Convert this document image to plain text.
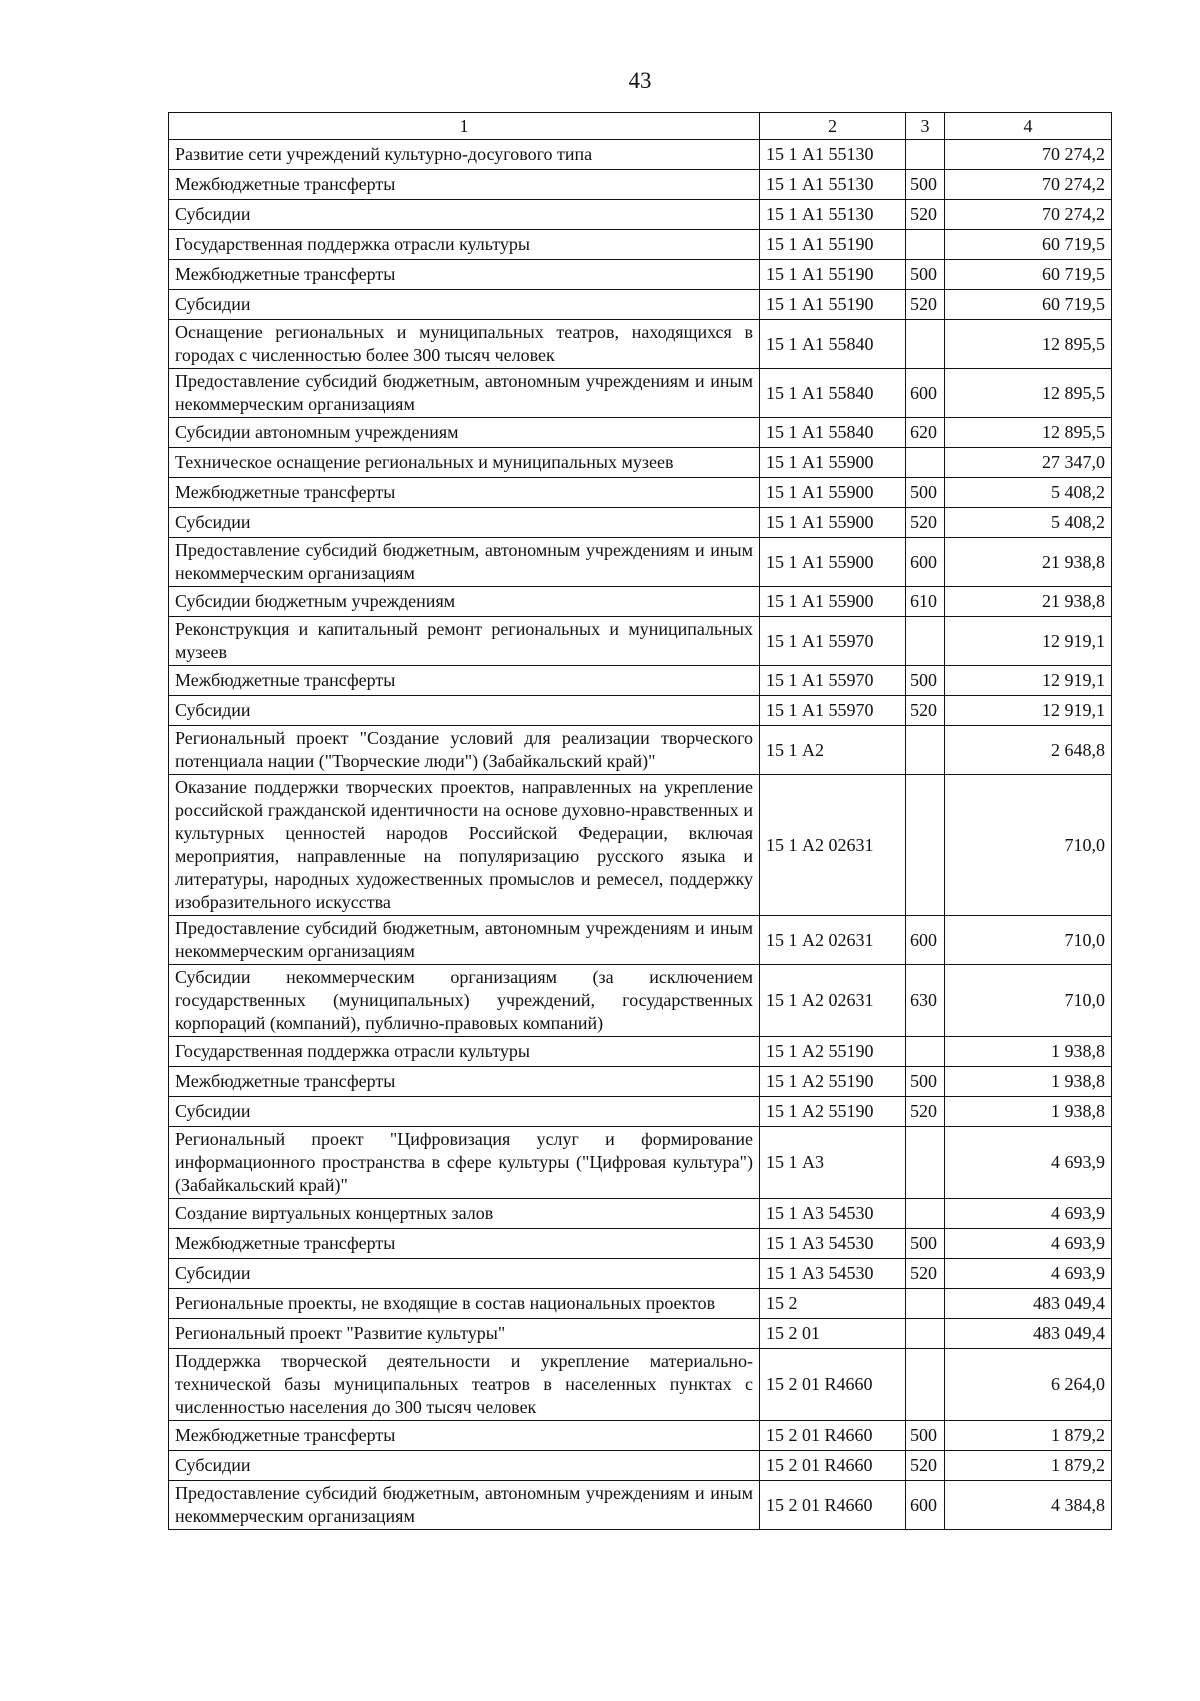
43
1	2	3	4
Развитие сети учреждений культурно-досугового типа	15 1 А1 55130		70 274,2
Межбюджетные трансферты	15 1 А1 55130	500	70 274,2
Субсидии	15 1 А1 55130	520	70 274,2
Государственная поддержка отрасли культуры	15 1 А1 55190		60 719,5
Межбюджетные трансферты	15 1 А1 55190	500	60 719,5
Субсидии	15 1 А1 55190	520	60 719,5
Оснащение региональных и муниципальных театров, находящихся в городах с численностью более 300 тысяч человек	15 1 А1 55840		12 895,5
Предоставление субсидий бюджетным, автономным учреждениям и иным некоммерческим организациям	15 1 А1 55840	600	12 895,5
Субсидии автономным учреждениям	15 1 А1 55840	620	12 895,5
Техническое оснащение региональных и муниципальных музеев	15 1 А1 55900		27 347,0
Межбюджетные трансферты	15 1 А1 55900	500	5 408,2
Субсидии	15 1 А1 55900	520	5 408,2
Предоставление субсидий бюджетным, автономным учреждениям и иным некоммерческим организациям	15 1 А1 55900	600	21 938,8
Субсидии бюджетным учреждениям	15 1 А1 55900	610	21 938,8
Реконструкция и капитальный ремонт региональных и муниципальных музеев	15 1 А1 55970		12 919,1
Межбюджетные трансферты	15 1 А1 55970	500	12 919,1
Субсидии	15 1 А1 55970	520	12 919,1
Региональный проект "Создание условий для реализации творческого потенциала нации ("Творческие люди") (Забайкальский край)"	15 1 А2		2 648,8
Оказание поддержки творческих проектов, направленных на укрепление российской гражданской идентичности на основе духовно-нравственных и культурных ценностей народов Российской Федерации, включая мероприятия, направленные на популяризацию русского языка и литературы, народных художественных промыслов и ремесел, поддержку изобразительного искусства	15 1 А2 02631		710,0
Предоставление субсидий бюджетным, автономным учреждениям и иным некоммерческим организациям	15 1 А2 02631	600	710,0
Субсидии некоммерческим организациям (за исключением государственных (муниципальных) учреждений, государственных корпораций (компаний), публично-правовых компаний)	15 1 А2 02631	630	710,0
Государственная поддержка отрасли культуры	15 1 А2 55190		1 938,8
Межбюджетные трансферты	15 1 А2 55190	500	1 938,8
Субсидии	15 1 А2 55190	520	1 938,8
Региональный проект "Цифровизация услуг и формирование информационного пространства в сфере культуры ("Цифровая культура") (Забайкальский край)"	15 1 А3		4 693,9
Создание виртуальных концертных залов	15 1 А3 54530		4 693,9
Межбюджетные трансферты	15 1 А3 54530	500	4 693,9
Субсидии	15 1 А3 54530	520	4 693,9
Региональные проекты, не входящие в состав национальных проектов	15 2		483 049,4
Региональный проект "Развитие культуры"	15 2 01		483 049,4
Поддержка творческой деятельности и укрепление материально-технической базы муниципальных театров в населенных пунктах с численностью населения до 300 тысяч человек	15 2 01 R4660		6 264,0
Межбюджетные трансферты	15 2 01 R4660	500	1 879,2
Субсидии	15 2 01 R4660	520	1 879,2
Предоставление субсидий бюджетным, автономным учреждениям и иным некоммерческим организациям	15 2 01 R4660	600	4 384,8
